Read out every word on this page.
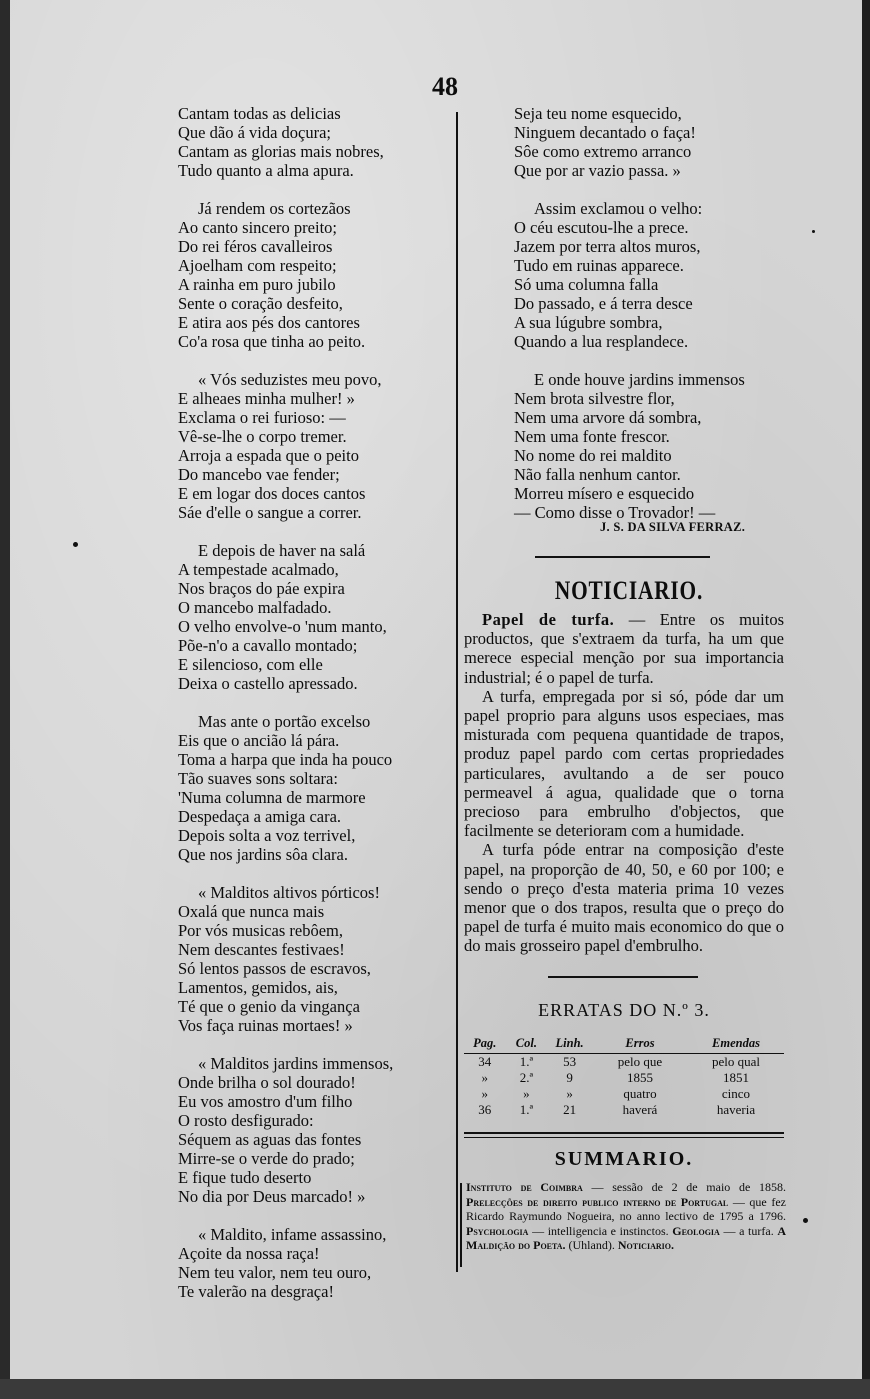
48
Cantam todas as delicias
Que dão á vida doçura;
Cantam as glorias mais nobres,
Tudo quanto a alma apura.
Já rendem os cortezãos
Ao canto sincero preito;
Do rei féros cavalleiros
Ajoelham com respeito;
A rainha em puro jubilo
Sente o coração desfeito,
E atira aos pés dos cantores
Co'a rosa que tinha ao peito.
« Vós seduzistes meu povo,
E alheaes minha mulher! »
Exclama o rei furioso: —
Vê-se-lhe o corpo tremer.
Arroja a espada que o peito
Do mancebo vae fender;
E em logar dos doces cantos
Sáe d'elle o sangue a correr.
E depois de haver na salá
A tempestade acalmado,
Nos braços do páe expira
O mancebo malfadado.
O velho envolve-o 'num manto,
Põe-n'o a cavallo montado;
E silencioso, com elle
Deixa o castello apressado.
Mas ante o portão excelso
Eis que o ancião lá pára.
Toma a harpa que inda ha pouco
Tão suaves sons soltara:
'Numa columna de marmore
Despedaça a amiga cara.
Depois solta a voz terrivel,
Que nos jardins sôa clara.
« Malditos altivos pórticos!
Oxalá que nunca mais
Por vós musicas rebôem,
Nem descantes festivaes!
Só lentos passos de escravos,
Lamentos, gemidos, ais,
Té que o genio da vingança
Vos faça ruinas mortaes! »
« Malditos jardins immensos,
Onde brilha o sol dourado!
Eu vos amostro d'um filho
O rosto desfigurado:
Séquem as aguas das fontes
Mirre-se o verde do prado;
E fique tudo deserto
No dia por Deus marcado! »
« Maldito, infame assassino,
Açoite da nossa raça!
Nem teu valor, nem teu ouro,
Te valerão na desgraça!
Seja teu nome esquecido,
Ninguem decantado o faça!
Sôe como extremo arranco
Que por ar vazio passa. »
Assim exclamou o velho:
O céu escutou-lhe a prece.
Jazem por terra altos muros,
Tudo em ruinas apparece.
Só uma columna falla
Do passado, e á terra desce
A sua lúgubre sombra,
Quando a lua resplandece.
E onde houve jardins immensos
Nem brota silvestre flor,
Nem uma arvore dá sombra,
Nem uma fonte frescor.
No nome do rei maldito
Não falla nenhum cantor.
Morreu mísero e esquecido
— Como disse o Trovador! —
J. S. DA SILVA FERRAZ.
NOTICIARIO.

Papel de turfa. — Entre os muitos productos, que s'extraem da turfa, ha um que merece especial menção por sua importancia industrial; é o papel de turfa.

A turfa, empregada por si só, póde dar um papel proprio para alguns usos especiaes, mas misturada com pequena quantidade de trapos, produz papel pardo com certas propriedades particulares, avultando a de ser pouco permeavel á agua, qualidade que o torna precioso para embrulho d'objectos, que facilmente se deterioram com a humidade.

A turfa póde entrar na composição d'este papel, na proporção de 40, 50, e 60 por 100; e sendo o preço d'esta materia prima 10 vezes menor que o dos trapos, resulta que o preço do papel de turfa é muito mais economico do que o do mais grosseiro papel d'embrulho.

ERRATAS DO N.º 3.
Pag.	Col.	Linh.	Erros	Emendas
34	1.ª	53	pelo que	pelo qual
»	2.ª	9	1855	1851
»	»	»	quatro	cinco
36	1.ª	21	haverá	haveria
SUMMARIO.
Instituto de Coimbra — sessão de 2 de maio de 1858. Prelecções de direito publico interno de Portugal — que fez Ricardo Raymundo Nogueira, no anno lectivo de 1795 a 1796. Psychologia — intelligencia e instinctos. Geologia — a turfa. A Maldição do Poeta. (Uhland). Noticiario.
